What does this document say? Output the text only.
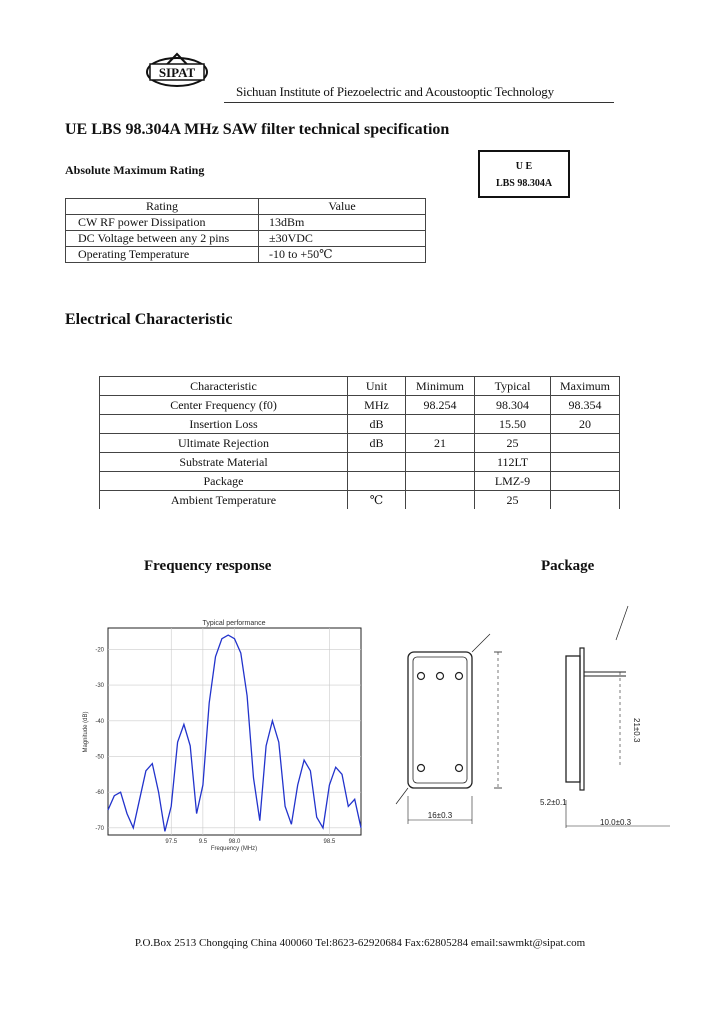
SIPAT
Sichuan Institute of Piezoelectric and Acoustooptic Technology
UE LBS 98.304A MHz SAW filter technical specification
U E
LBS 98.304A
Absolute Maximum Rating
Rating	Value
CW RF power Dissipation	13dBm
DC Voltage between any 2 pins	±30VDC
Operating Temperature	-10 to +50℃
Electrical Characteristic
Characteristic	Unit	Minimum	Typical	Maximum
Center Frequency (f0)	MHz	98.254	98.304	98.354
Insertion Loss	dB		15.50	20
Ultimate Rejection	dB	21	25	
Substrate Material			112LT	
Package			LMZ-9	
Ambient Temperature	℃		25	
Frequency response	Package
Typical performance
-20
-30
-40
-50
-60
-70
97.5	9.5	98.0	98.5
Magnitude (dB)
Frequency (MHz)
16±0.3
21±0.3
5.2±0.1
10.0±0.3
P.O.Box 2513 Chongqing China 400060 Tel:8623-62920684 Fax:62805284 email:sawmkt@sipat.com
